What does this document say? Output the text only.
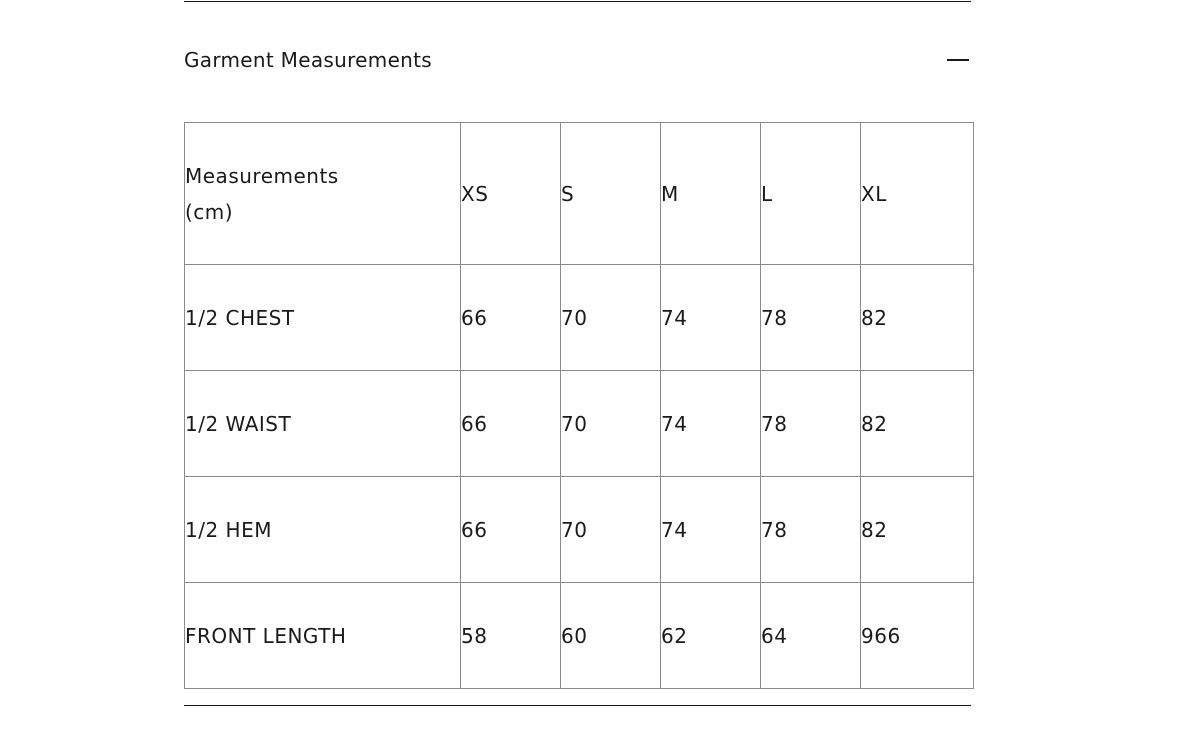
Garment Measurements
Measurements
(cm)	XS	S	M	L	XL
1/2 CHEST	66	70	74	78	82
1/2 WAIST	66	70	74	78	82
1/2 HEM	66	70	74	78	82
FRONT LENGTH	58	60	62	64	966
